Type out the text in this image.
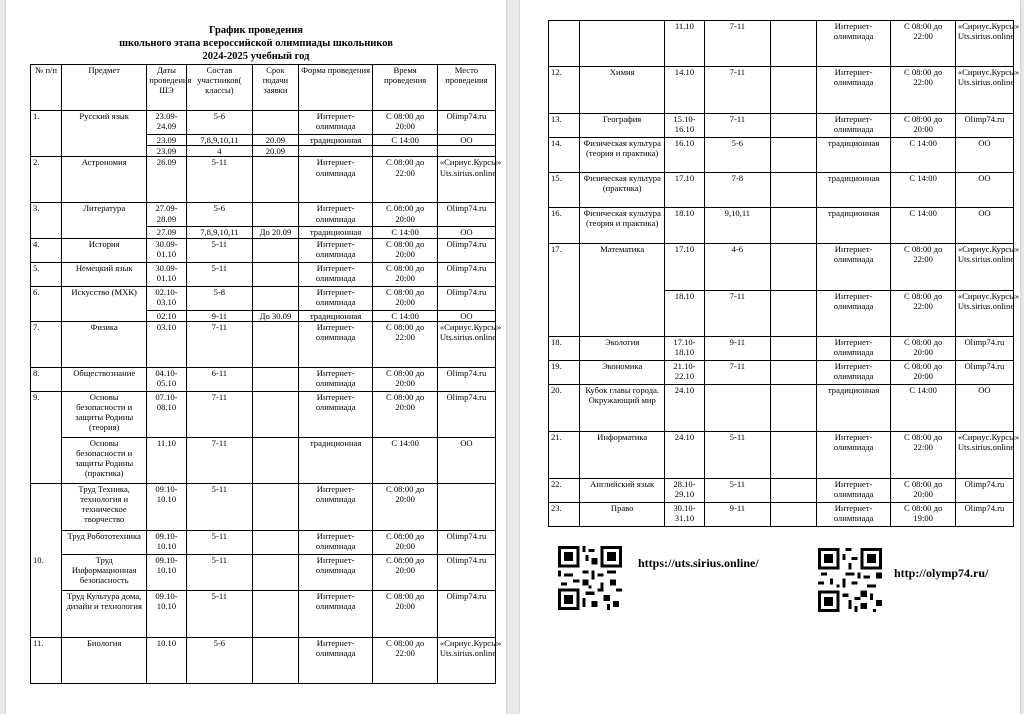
График проведения
школьного этапа всероссийской олимпиады школьников
2024-2025 учебный год
№ п/п	Предмет	Даты проведения ШЭ	Состав участников( классы)	Срок подачи заявки	Форма проведения	Время проведения	Место проведения
1.	Русский язык	23.09-24.09	5-6		Интернет-олимпиада	С 08:00 до 20:00	Olimp74.ru
		23.09	7,8,9,10,11	20.09	традиционная	С 14:00	ОО
		23.09	4	20.09			
2.	Астрономия	26.09	5-11		Интернет-олимпиада	С 08:00 до 22:00	«Сириус.Курсы» Uts.sirius.online
3.	Литература	27.09-28.09	5-6		Интернет-олимпиада	С 08:00 до 20:00	Olimp74.ru
		27.09	7,8,9,10,11	До 20.09	традиционная	С 14:00	ОО
4.	История	30.09-01.10	5-11		Интернет-олимпиада	С 08:00 до 20:00	Olimp74.ru
5.	Немецкий язык	30.09-01.10	5-11		Интернет-олимпиада	С 08:00 до 20:00	Olimp74.ru
6.	Искусство (МХК)	02.10-03.10	5-8		Интернет-олимпиада	С 08:00 до 20:00	Olimp74.ru
		02.10	9-11	До 30.09	традиционная	С 14:00	ОО
7.	Физика	03.10	7-11		Интернет-олимпиада	С 08:00 до 22:00	«Сириус.Курсы» Uts.sirius.online
8.	Обществознание	04.10-05.10	6-11		Интернет-олимпиада	С 08:00 до 20:00	Olimp74.ru
9.	Основы безопасности и защиты Родины (теория)	07.10-08.10	7-11		Интернет-олимпиада	С 08:00 до 20:00	Olimp74.ru
	Основы безопасности и защиты Родины (практика)	11.10	7-11		традиционная	С 14:00	ОО
10.	Труд Техника, технология и техническое творчество	09.10-10.10	5-11		Интернет-олимпиада	С 08:00 до 20:00	
	Труд Робототехника	09.10-10.10	5-11		Интернет-олимпиада	С 08:00 до 20:00	Olimp74.ru
	Труд Информационная безопасность	09.10-10.10	5-11		Интернет-олимпиада	С 08:00 до 20:00	Olimp74.ru
	Труд Культура дома, дизайн и технология	09.10-10.10	5-11		Интернет-олимпиада	С 08:00 до 20:00	Olimp74.ru
11.	Биология	10.10	5-6		Интернет-олимпиада	С 08:00 до 22:00	«Сириус.Курсы» Uts.sirius.online
		11.10	7-11		Интернет-олимпиада	С 08:00 до 22:00	«Сириус.Курсы» Uts.sirius.online
12.	Химия	14.10	7-11		Интернет-олимпиада	С 08:00 до 22:00	«Сириус.Курсы» Uts.sirius.online
13.	География	15.10-16.10	7-11		Интернет-олимпиада	С 08:00 до 20:00	Olimp74.ru
14.	Физическая культура (теория и практика)	16.10	5-6		традиционная	С 14:00	ОО
15.	Физическая культура (практика)	17.10	7-8		традиционная	С 14:00	ОО
16.	Физическая культура (теория и практика)	18.10	9,10,11		традиционная	С 14:00	ОО
17.	Математика	17.10	4-6		Интернет-олимпиада	С 08:00 до 22:00	«Сириус.Курсы» Uts.sirius.online
		18.10	7-11		Интернет-олимпиада	С 08:00 до 22:00	«Сириус.Курсы» Uts.sirius.online
18.	Экология	17.10-18.10	9-11		Интернет-олимпиада	С 08:00 до 20:00	Olimp74.ru
19.	Экономика	21.10-22.10	7-11		Интернет-олимпиада	С 08:00 до 20:00	Olimp74.ru
20.	Кубок главы города. Окружающий мир	24.10			традиционная	С 14:00	ОО
21.	Информатика	24.10	5-11		Интернет-олимпиада	С 08:00 до 22:00	«Сириус.Курсы» Uts.sirius.online
22.	Английский язык	28.10-29.10	5-11		Интернет-олимпиада	С 08:00 до 20:00	Olimp74.ru
23.	Право	30.10-31.10	9-11		Интернет-олимпиада	С 08:00 до 19:00	Olimp74.ru
https://uts.sirius.online/
http://olymp74.ru/
